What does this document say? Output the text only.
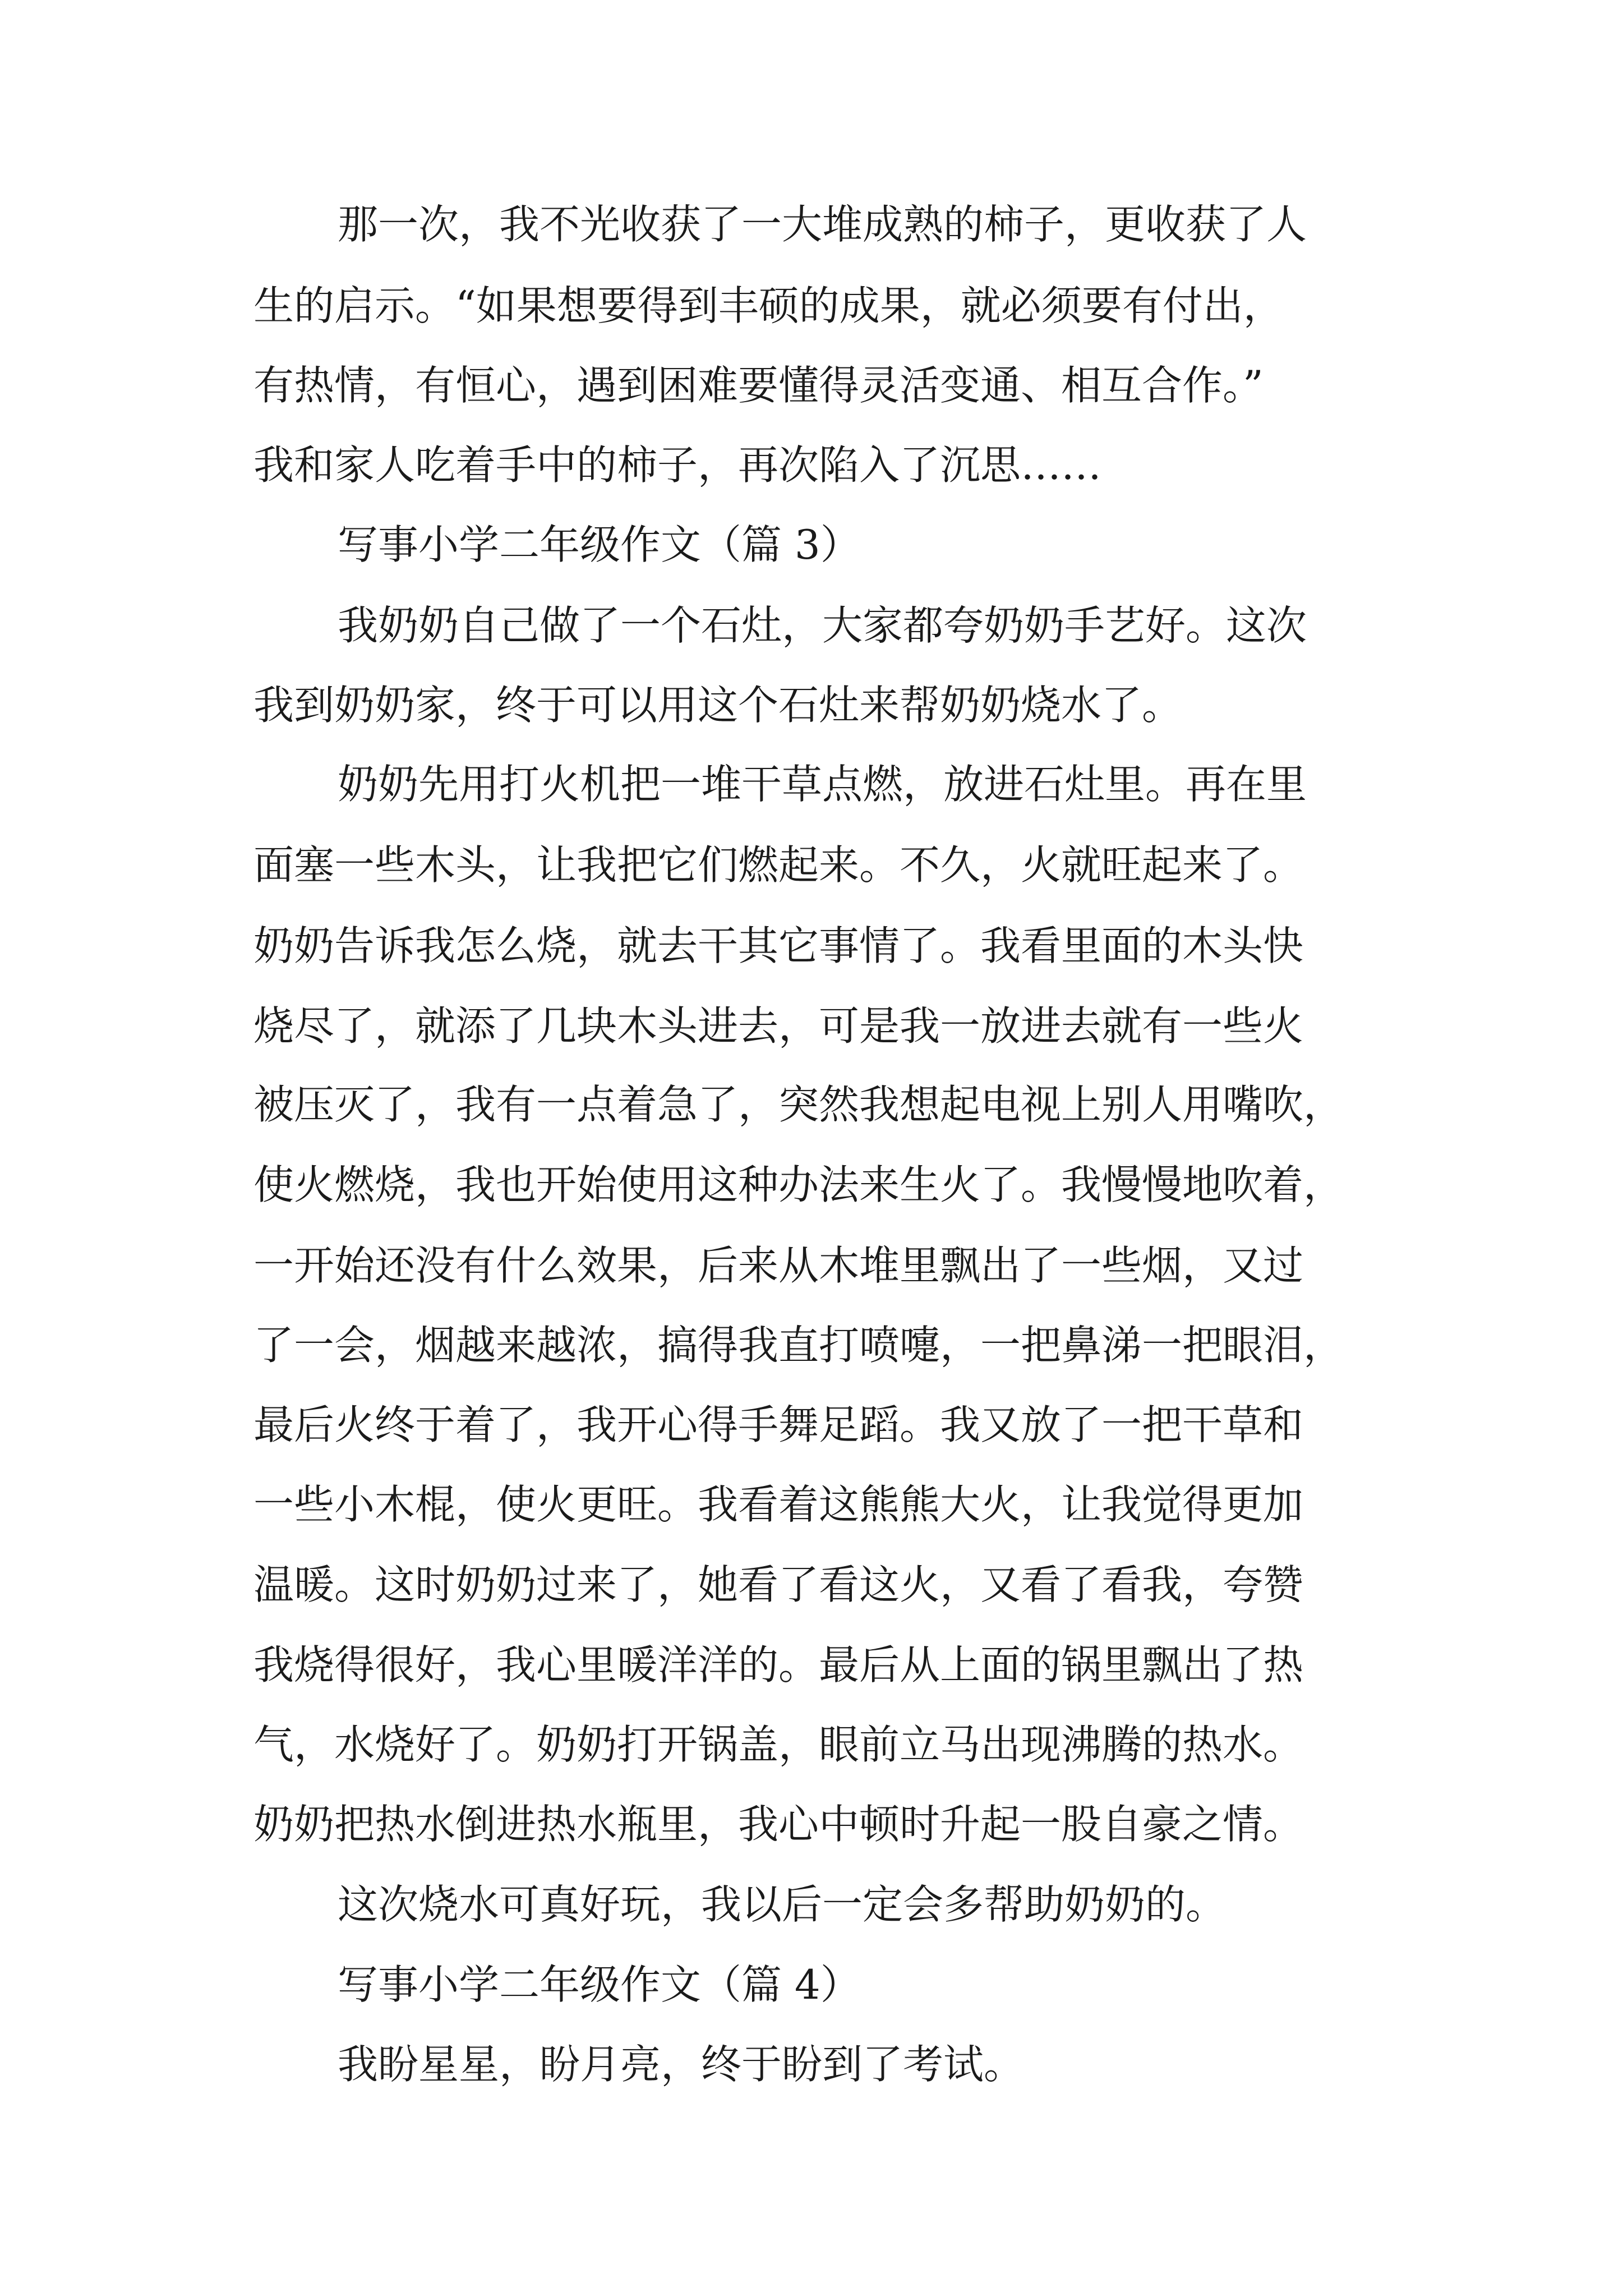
那一次，我不光收获了一大堆成熟的柿子，更收获了人
生的启示。“如果想要得到丰硕的成果，就必须要有付出，
有热情，有恒心，遇到困难要懂得灵活变通、相互合作。”
我和家人吃着手中的柿子，再次陷入了沉思……
写事小学二年级作文（篇 3）
我奶奶自己做了一个石灶，大家都夸奶奶手艺好。这次
我到奶奶家，终于可以用这个石灶来帮奶奶烧水了。
奶奶先用打火机把一堆干草点燃，放进石灶里。再在里
面塞一些木头，让我把它们燃起来。不久，火就旺起来了。
奶奶告诉我怎么烧，就去干其它事情了。我看里面的木头快
烧尽了，就添了几块木头进去，可是我一放进去就有一些火
被压灭了，我有一点着急了，突然我想起电视上别人用嘴吹，
使火燃烧，我也开始使用这种办法来生火了。我慢慢地吹着，
一开始还没有什么效果，后来从木堆里飘出了一些烟，又过
了一会，烟越来越浓，搞得我直打喷嚏，一把鼻涕一把眼泪，
最后火终于着了，我开心得手舞足蹈。我又放了一把干草和
一些小木棍，使火更旺。我看着这熊熊大火，让我觉得更加
温暖。这时奶奶过来了，她看了看这火，又看了看我，夸赞
我烧得很好，我心里暖洋洋的。最后从上面的锅里飘出了热
气，水烧好了。奶奶打开锅盖，眼前立马出现沸腾的热水。
奶奶把热水倒进热水瓶里，我心中顿时升起一股自豪之情。
这次烧水可真好玩，我以后一定会多帮助奶奶的。
写事小学二年级作文（篇 4）
我盼星星，盼月亮，终于盼到了考试。
